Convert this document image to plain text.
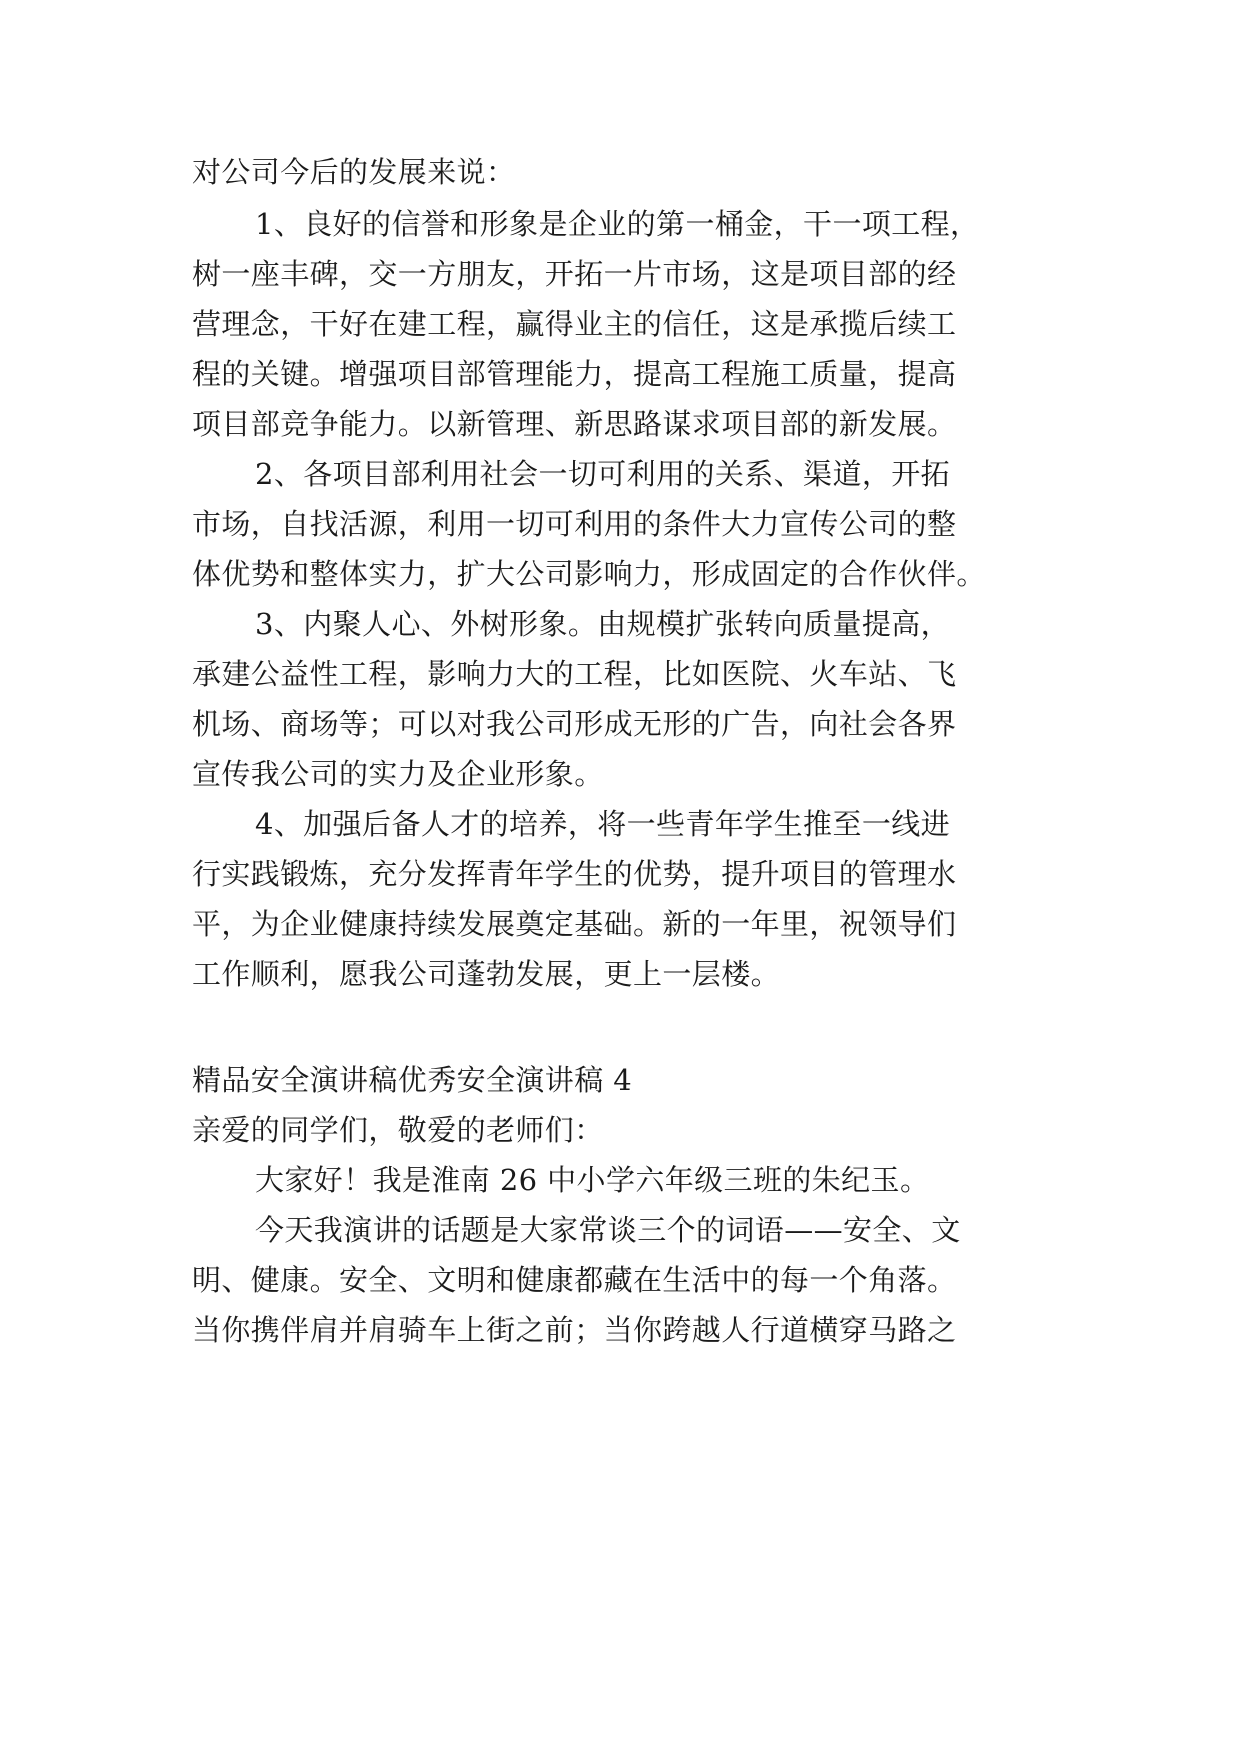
对公司今后的发展来说：
1、良好的信誉和形象是企业的第一桶金，干一项工程，
树一座丰碑，交一方朋友，开拓一片市场，这是项目部的经
营理念，干好在建工程，赢得业主的信任，这是承揽后续工
程的关键。增强项目部管理能力，提高工程施工质量，提高
项目部竞争能力。以新管理、新思路谋求项目部的新发展。
2、各项目部利用社会一切可利用的关系、渠道，开拓
市场，自找活源，利用一切可利用的条件大力宣传公司的整
体优势和整体实力，扩大公司影响力，形成固定的合作伙伴。
3、内聚人心、外树形象。由规模扩张转向质量提高，
承建公益性工程，影响力大的工程，比如医院、火车站、飞
机场、商场等；可以对我公司形成无形的广告，向社会各界
宣传我公司的实力及企业形象。
4、加强后备人才的培养，将一些青年学生推至一线进
行实践锻炼，充分发挥青年学生的优势，提升项目的管理水
平，为企业健康持续发展奠定基础。新的一年里，祝领导们
工作顺利，愿我公司蓬勃发展，更上一层楼。
精品安全演讲稿优秀安全演讲稿 4
亲爱的同学们，敬爱的老师们：
大家好！我是淮南 26 中小学六年级三班的朱纪玉。
今天我演讲的话题是大家常谈三个的词语——安全、文
明、健康。安全、文明和健康都藏在生活中的每一个角落。
当你携伴肩并肩骑车上街之前；当你跨越人行道横穿马路之
